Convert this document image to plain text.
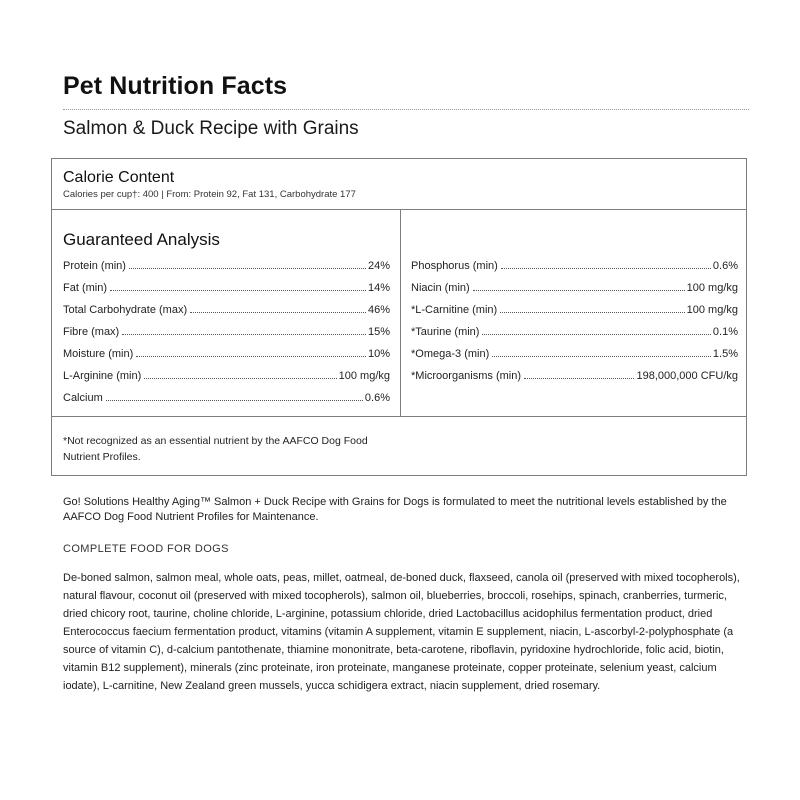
Pet Nutrition Facts
Salmon & Duck Recipe with Grains
Calorie Content
Calories per cup†: 400 | From: Protein 92, Fat 131, Carbohydrate 177
Guaranteed Analysis
Protein (min)	24%
Fat (min)	14%
Total Carbohydrate (max)	46%
Fibre (max)	15%
Moisture (min)	10%
L-Arginine (min)	100 mg/kg
Calcium	0.6%
Phosphorus (min)	0.6%
Niacin (min)	100 mg/kg
*L-Carnitine (min)	100 mg/kg
*Taurine (min)	0.1%
*Omega-3 (min)	1.5%
*Microorganisms (min)	198,000,000 CFU/kg
*Not recognized as an essential nutrient by the AAFCO Dog Food Nutrient Profiles.
Go! Solutions Healthy Aging™ Salmon + Duck Recipe with Grains for Dogs is formulated to meet the nutritional levels established by the AAFCO Dog Food Nutrient Profiles for Maintenance.
COMPLETE FOOD FOR DOGS
De-boned salmon, salmon meal, whole oats, peas, millet, oatmeal, de-boned duck, flaxseed, canola oil (preserved with mixed tocopherols), natural flavour, coconut oil (preserved with mixed tocopherols), salmon oil, blueberries, broccoli, rosehips, spinach, cranberries, turmeric, dried chicory root, taurine, choline chloride, L-arginine, potassium chloride, dried Lactobacillus acidophilus fermentation product, dried Enterococcus faecium fermentation product, vitamins (vitamin A supplement, vitamin E supplement, niacin, L-ascorbyl-2-polyphosphate (a source of vitamin C), d-calcium pantothenate, thiamine mononitrate, beta-carotene, riboflavin, pyridoxine hydrochloride, folic acid, biotin, vitamin B12 supplement), minerals (zinc proteinate, iron proteinate, manganese proteinate, copper proteinate, selenium yeast, calcium iodate), L-carnitine, New Zealand green mussels, yucca schidigera extract, niacin supplement, dried rosemary.
